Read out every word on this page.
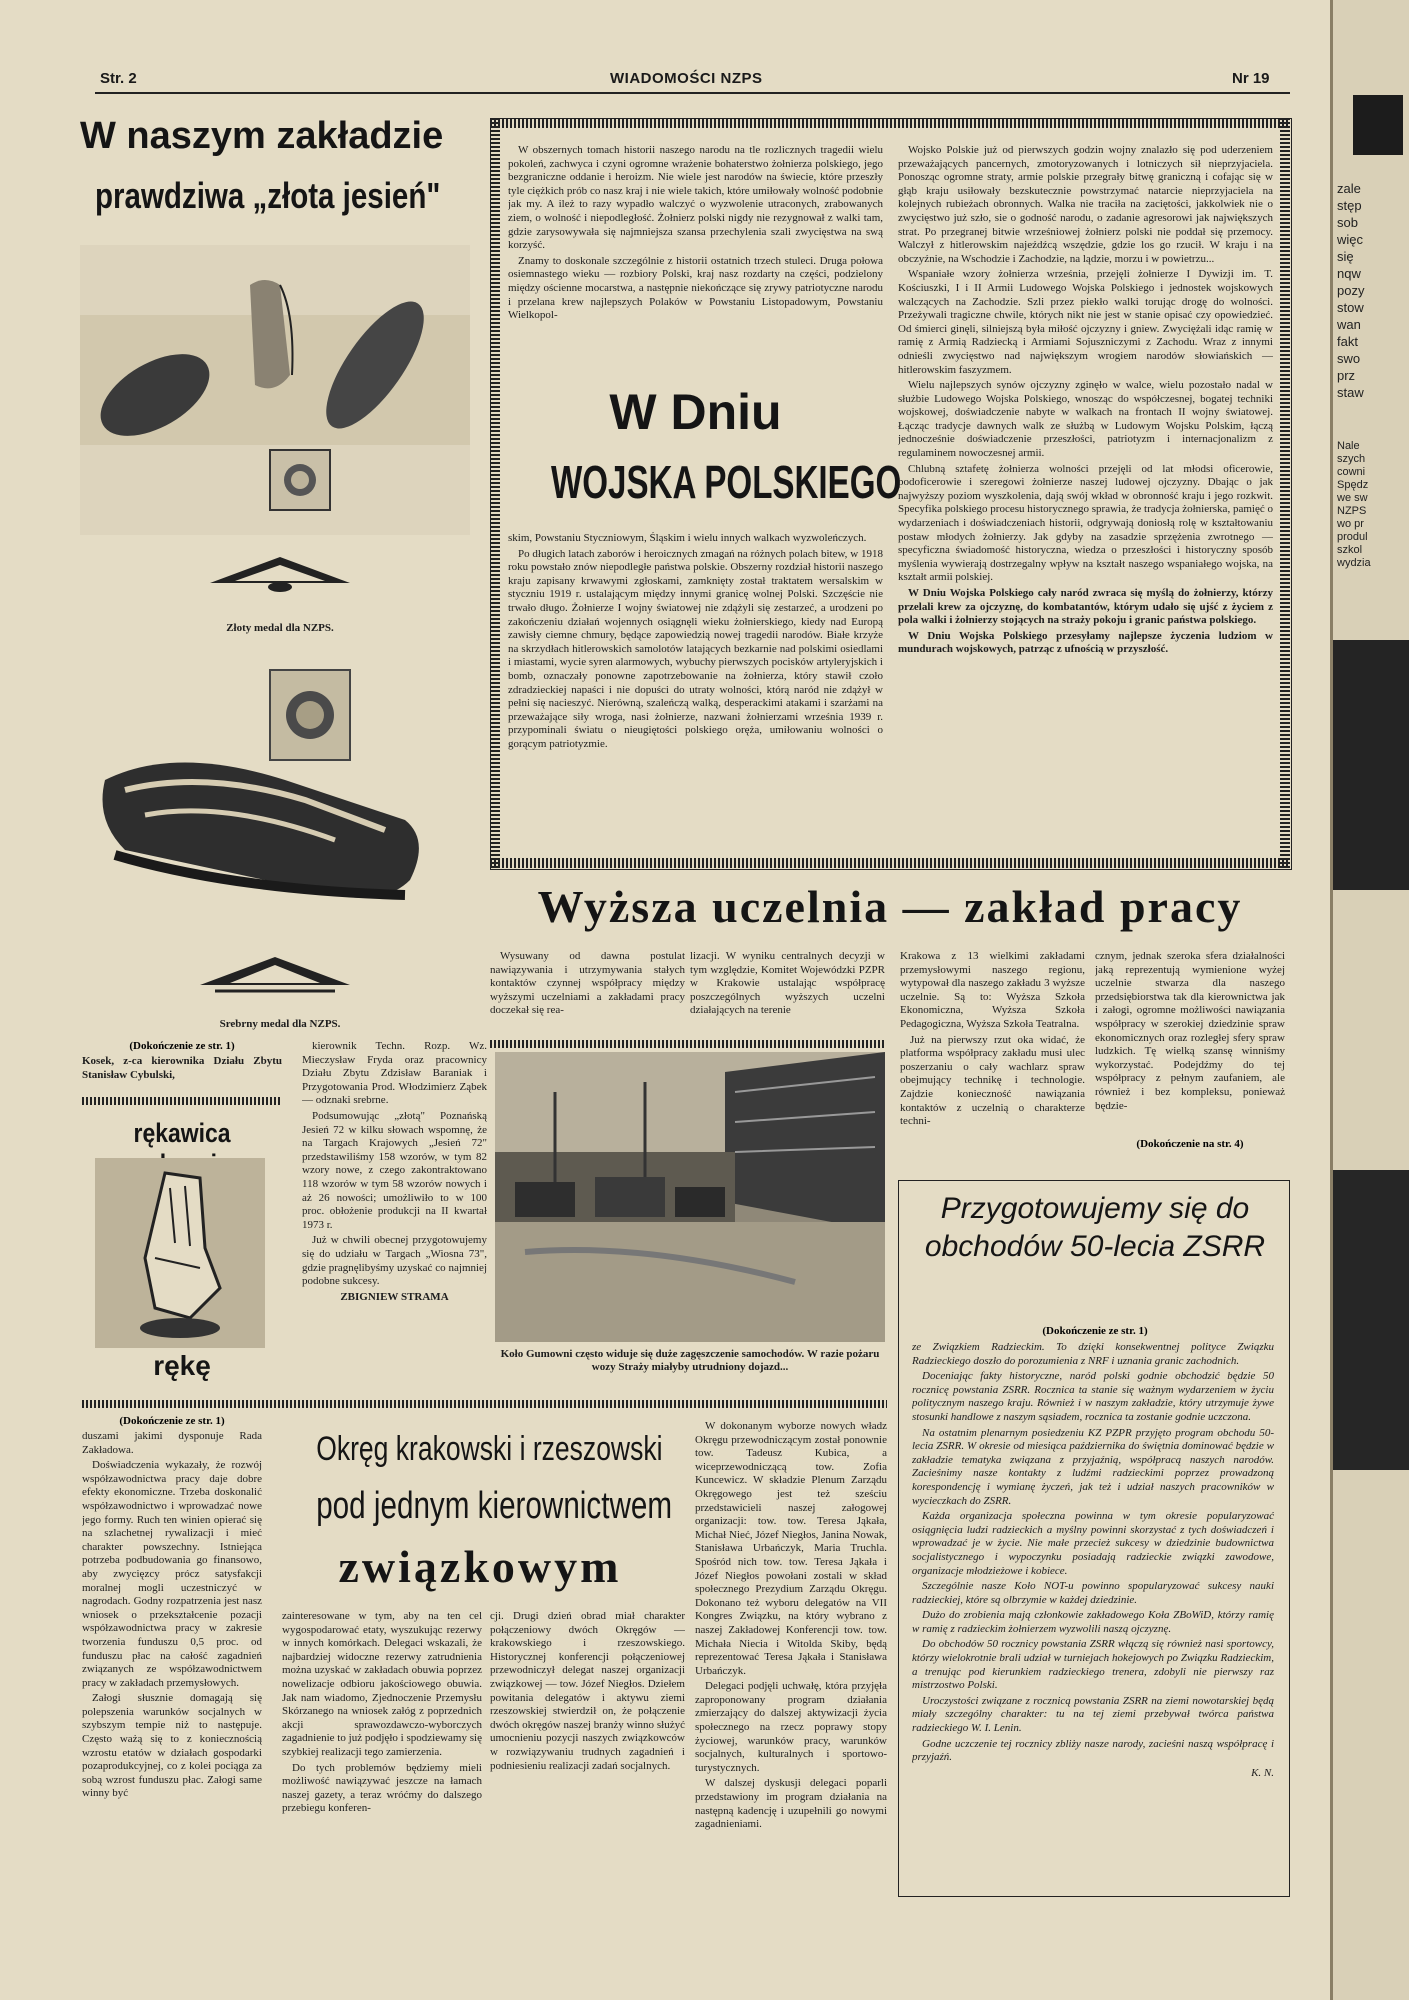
Str. 2	WIADOMOŚCI NZPS	Nr 19
W naszym zakładzie
prawdziwa „złota jesień"
Złoty medal dla NZPS.
Srebrny medal dla NZPS.
(Dokończenie ze str. 1)

Kosek, z-ca kierownika Działu Zbytu Stanisław Cybulski,

kierownik Techn. Rozp. Wz. Mieczysław Fryda oraz pracownicy Działu Zbytu Zdzisław Baraniak i Przygotowania Prod. Włodzimierz Ząbek — odznaki srebrne.

Podsumowując „złotą" Poznańską Jesień 72 w kilku słowach wspomnę, że na Targach Krajowych „Jesień 72" przedstawiliśmy 158 wzorów, w tym 82 wzory nowe, z czego zakontraktowano 118 wzorów w tym 58 wzorów nowych i aż 26 nowości; umożliwiło to w 100 proc. obłożenie produkcji na II kwartał 1973 r.

Już w chwili obecnej przygotowujemy się do udziału w Targach „Wiosna 73", gdzie pragnęlibyśmy uzyskać co najmniej podobne sukcesy.

ZBIGNIEW STRAMA

rękawica
rękę

W obszernych tomach historii naszego narodu na tle rozlicznych tragedii wielu pokoleń, zachwyca i czyni ogromne wrażenie bohaterstwo żołnierza polskiego, jego bezgraniczne oddanie i heroizm. Nie wiele jest narodów na świecie, które przeszły tyle ciężkich prób co nasz kraj i nie wiele takich, które umiłowały wolność podobnie jak my. A ileż to razy wypadło walczyć o wyzwolenie utraconych, zrabowanych ziem, o wolność i niepodległość. Żołnierz polski nigdy nie rezygnował z walki tam, gdzie zarysowywała się najmniejsza szansa przechylenia szali zwycięstwa na swą korzyść.

Znamy to doskonale szczególnie z historii ostatnich trzech stuleci. Druga połowa osiemnastego wieku — rozbiory Polski, kraj nasz rozdarty na części, podzielony między ościenne mocarstwa, a następnie niekończące się zrywy patriotyczne narodu i przelana krew najlepszych Polaków w Powstaniu Listopadowym, Powstaniu Wielkopol-

W Dniu
WOJSKA POLSKIEGO

skim, Powstaniu Styczniowym, Śląskim i wielu innych walkach wyzwoleńczych.

Po długich latach zaborów i heroicznych zmagań na różnych polach bitew, w 1918 roku powstało znów niepodległe państwa polskie. Obszerny rozdział historii naszego kraju zapisany krwawymi zgłoskami, zamknięty został traktatem wersalskim w styczniu 1919 r. ustalającym między innymi granicę wolnej Polski. Szczęście nie trwało długo. Żołnierze I wojny światowej nie zdążyli się zestarzeć, a urodzeni po zakończeniu działań wojennych osiągnęli wieku żołnierskiego, kiedy nad Europą zawisły ciemne chmury, będące zapowiedzią nowej tragedii narodów. Białe krzyże na skrzydłach hitlerowskich samolotów latających bezkarnie nad polskimi osiedlami i miastami, wycie syren alarmowych, wybuchy pierwszych pocisków artyleryjskich i bomb, oznaczały ponowne zapotrzebowanie na żołnierza, który stawił czoło zdradzieckiej napaści i nie dopuści do utraty wolności, którą naród nie zdążył w pełni się nacieszyć. Nierówną, szaleńczą walką, desperackimi atakami i szarżami na przeważające siły wroga, nasi żołnierze, nazwani żołnierzami września 1939 r. przypominali światu o nieugiętości polskiego oręża, umiłowaniu wolności o gorącym patriotyzmie.

Wojsko Polskie już od pierwszych godzin wojny znalazło się pod uderzeniem przeważających pancernych, zmotoryzowanych i lotniczych sił nieprzyjaciela. Ponosząc ogromne straty, armie polskie przegrały bitwę graniczną i cofając się w głąb kraju usiłowały bezskutecznie powstrzymać natarcie nieprzyjaciela na kolejnych rubieżach obronnych. Walka nie traciła na zaciętości, jakkolwiek nie o zwycięstwo już szło, sie o godność narodu, o zadanie agresorowi jak największych strat. Po przegranej bitwie wrześniowej żołnierz polski nie poddał się przemocy. Walczył z hitlerowskim najeźdźcą wszędzie, gdzie los go rzucił. W kraju i na obczyźnie, na Wschodzie i Zachodzie, na lądzie, morzu i w powietrzu...

Wspaniałe wzory żołnierza września, przejęli żołnierze I Dywizji im. T. Kościuszki, I i II Armii Ludowego Wojska Polskiego i jednostek wojskowych walczących na Zachodzie. Szli przez piekło walki torując drogę do wolności. Przeżywali tragiczne chwile, których nikt nie jest w stanie opisać czy opowiedzieć. Od śmierci ginęli, silniejszą była miłość ojczyzny i gniew. Zwyciężali idąc ramię w ramię z Armią Radziecką i Armiami Sojuszniczymi z Zachodu. Wraz z innymi odnieśli zwycięstwo nad największym wrogiem narodów słowiańskich — hitlerowskim faszyzmem.

Wielu najlepszych synów ojczyzny zginęło w walce, wielu pozostało nadal w służbie Ludowego Wojska Polskiego, wnosząc do współczesnej, bogatej techniki wojskowej, doświadczenie nabyte w walkach na frontach II wojny światowej. Łącząc tradycje dawnych walk ze służbą w Ludowym Wojsku Polskim, łączą jednocześnie doświadczenie przeszłości, patriotyzm i internacjonalizm z regulaminem nowoczesnej armii.

Chlubną sztafetę żołnierza wolności przejęli od lat młodsi oficerowie, podoficerowie i szeregowi żołnierze naszej ludowej ojczyzny. Dbając o jak najwyższy poziom wyszkolenia, dają swój wkład w obronność kraju i jego rozkwit. Specyfika polskiego procesu historycznego sprawia, że tradycja żołnierska, pamięć o wydarzeniach i doświadczeniach historii, odgrywają doniosłą rolę w kształtowaniu postaw młodych żołnierzy. Jak gdyby na zasadzie sprzężenia zwrotnego — specyficzna świadomość historyczna, wiedza o przeszłości i historyczny sposób myślenia wywierają dostrzegalny wpływ na kształt naszego wspaniałego wojska, na kształt armii polskiej.

W Dniu Wojska Polskiego cały naród zwraca się myślą do żołnierzy, którzy przelali krew za ojczyznę, do kombatantów, którym udało się ujść z życiem z pola walki i żołnierzy stojących na straży pokoju i granic państwa polskiego.

W Dniu Wojska Polskiego przesyłamy najlepsze życzenia ludziom w mundurach wojskowych, patrząc z ufnością w przyszłość.

Wyższa uczelnia — zakład pracy

Wysuwany od dawna postulat nawiązywania i utrzymywania stałych kontaktów czynnej współpracy między wyższymi uczelniami a zakładami pracy doczekał się rea-

lizacji. W wyniku centralnych decyzji w tym względzie, Komitet Wojewódzki PZPR w Krakowie ustalając współpracę poszczególnych wyższych uczelni działających na terenie

Koło Gumowni często widuje się duże zagęszczenie samochodów. W razie pożaru wozy Straży miałyby utrudniony dojazd...

Krakowa z 13 wielkimi zakładami przemysłowymi naszego regionu, wytypował dla naszego zakładu 3 wyższe uczelnie. Są to: Wyższa Szkoła Ekonomiczna, Wyższa Szkoła Pedagogiczna, Wyższa Szkoła Teatralna.

Już na pierwszy rzut oka widać, że platforma współpracy zakładu musi ulec poszerzaniu o cały wachlarz spraw obejmujący technikę i technologie. Zajdzie konieczność nawiązania kontaktów z uczelnią o charakterze techni-

cznym, jednak szeroka sfera działalności jaką reprezentują wymienione wyżej uczelnie stwarza dla naszego przedsiębiorstwa tak dla kierownictwa jak i załogi, ogromne możliwości nawiązania współpracy w szerokiej dziedzinie spraw ekonomicznych oraz rozległej sfery spraw ludzkich. Tę wielką szansę winniśmy wykorzystać. Podejdźmy do tej współpracy z pełnym zaufaniem, ale również i bez kompleksu, ponieważ będzie-

(Dokończenie na str. 4)
Przygotowujemy się do obchodów 50-lecia ZSRR
(Dokończenie ze str. 1)

ze Związkiem Radzieckim. To dzięki konsekwentnej polityce Związku Radzieckiego doszło do porozumienia z NRF i uznania granic zachodnich.

Doceniając fakty historyczne, naród polski godnie obchodzić będzie 50 rocznicę powstania ZSRR. Rocznica ta stanie się ważnym wydarzeniem w życiu politycznym naszego kraju. Również i w naszym zakładzie, który utrzymuje żywe stosunki handlowe z naszym sąsiadem, rocznica ta zostanie godnie uczczona.

Na ostatnim plenarnym posiedzeniu KZ PZPR przyjęto program obchodu 50-lecia ZSRR. W okresie od miesiąca października do świętnia dominować będzie w zakładzie tematyka związana z przyjaźnią, współpracą naszych narodów. Zacieśnimy nasze kontakty z ludźmi radzieckimi poprzez prowadzoną korespondencję i wymianę życzeń, jak też i udział naszych pracowników w wycieczkach do ZSRR.

Każda organizacja społeczna powinna w tym okresie popularyzować osiągnięcia ludzi radzieckich a myślny powinni skorzystać z tych doświadczeń i wprowadzać je w życie. Nie małe przecież sukcesy w dziedzinie budownictwa socjalistycznego i wypoczynku posiadają radzieckie związki zawodowe, organizacje młodzieżowe i kobiece.

Szczególnie nasze Koło NOT-u powinno spopularyzować sukcesy nauki radzieckiej, które są olbrzymie w każdej dziedzinie.

Dużo do zrobienia mają członkowie zakładowego Koła ZBoWiD, którzy ramię w ramię z radzieckim żołnierzem wyzwolili naszą ojczyznę.

Do obchodów 50 rocznicy powstania ZSRR włączą się również nasi sportowcy, którzy wielokrotnie brali udział w turniejach hokejowych po Związku Radzieckim, a trenując pod kierunkiem radzieckiego trenera, zdobyli nie pierwszy raz mistrzostwo Polski.

Uroczystości związane z rocznicą powstania ZSRR na ziemi nowotarskiej będą miały szczególny charakter: tu na tej ziemi przebywał twórca państwa radzieckiego W. I. Lenin.

Godne uczczenie tej rocznicy zbliży nasze narody, zacieśni naszą współpracę i przyjaźń.

K. N.

(Dokończenie ze str. 1)

duszami jakimi dysponuje Rada Zakładowa.

Doświadczenia wykazały, że rozwój współzawodnictwa pracy daje dobre efekty ekonomiczne. Trzeba doskonalić współzawodnictwo i wprowadzać nowe jego formy. Ruch ten winien opierać się na szlachetnej rywalizacji i mieć charakter powszechny. Istniejąca potrzeba podbudowania go finansowo, aby zwycięzcy prócz satysfakcji moralnej mogli uczestniczyć w nagrodach. Godny rozpatrzenia jest nasz wniosek o przekształcenie pozacji współzawodnictwa pracy w zakresie tworzenia funduszu 0,5 proc. od funduszu płac na całość zagadnień związanych ze współzawodnictwem pracy w zakładach przemysłowych.

Załogi słusznie domagają się polepszenia warunków socjalnych w szybszym tempie niż to następuje. Często ważą się to z koniecznością wzrostu etatów w działach gospodarki pozaprodukcyjnej, co z kolei pociąga za sobą wzrost funduszu płac. Załogi same winny być

Okręg krakowski i rzeszowski
pod jednym kierownictwem
związkowym

zainteresowane w tym, aby na ten cel wygospodarować etaty, wyszukując rezerwy w innych komórkach. Delegaci wskazali, że najbardziej widoczne rezerwy zatrudnienia można uzyskać w zakładach obuwia poprzez nowelizacje odbioru jakościowego obuwia. Jak nam wiadomo, Zjednoczenie Przemysłu Skórzanego na wniosek załóg z poprzednich akcji sprawozdawczo-wyborczych zagadnienie to już podjęło i spodziewamy się szybkiej realizacji tego zamierzenia.

Do tych problemów będziemy mieli możliwość nawiązywać jeszcze na łamach naszej gazety, a teraz wróćmy do dalszego przebiegu konferen-

cji. Drugi dzień obrad miał charakter połączeniowy dwóch Okręgów — krakowskiego i rzeszowskiego. Historycznej konferencji połączeniowej przewodniczył delegat naszej organizacji związkowej — tow. Józef Niegłos. Dziełem powitania delegatów i aktywu ziemi rzeszowskiej stwierdził on, że połączenie dwóch okręgów naszej branży winno służyć umocnieniu pozycji naszych związkowców w rozwiązywaniu trudnych zagadnień i podniesieniu realizacji zadań socjalnych.

W dokonanym wyborze nowych władz Okręgu przewodniczącym został ponownie tow. Tadeusz Kubica, a wiceprzewodniczącą tow. Zofia Kuncewicz. W składzie Plenum Zarządu Okręgowego jest też sześciu przedstawicieli naszej załogowej organizacji: tow. tow. Teresa Jąkała, Michał Nieć, Józef Niegłos, Janina Nowak, Stanisława Urbańczyk, Maria Truchla. Spośród nich tow. tow. Teresa Jąkała i Józef Niegłos powołani zostali w skład społecznego Prezydium Zarządu Okręgu. Dokonano też wyboru delegatów na VII Kongres Związku, na który wybrano z naszej Zakładowej Konferencji tow. tow. Michała Niecia i Witolda Skiby, będą reprezentować Teresa Jąkała i Stanisława Urbańczyk.

Delegaci podjęli uchwałę, która przyjęła zaproponowany program działania zmierzający do dalszej aktywizacji życia społecznego na rzecz poprawy stopy życiowej, warunków pracy, warunków socjalnych, kulturalnych i sportowo-turystycznych.

W dalszej dyskusji delegaci poparli przedstawiony im program działania na następną kadencję i uzupełnili go nowymi zagadnieniami.

zale
stęp
sob
więc
się
nqw
pozy
stow
wan
fakt
swo
prz
staw
Nale
szych
cowni
Spędz
we sw
NZPS
wo pr
produl
szkol
wydzia
